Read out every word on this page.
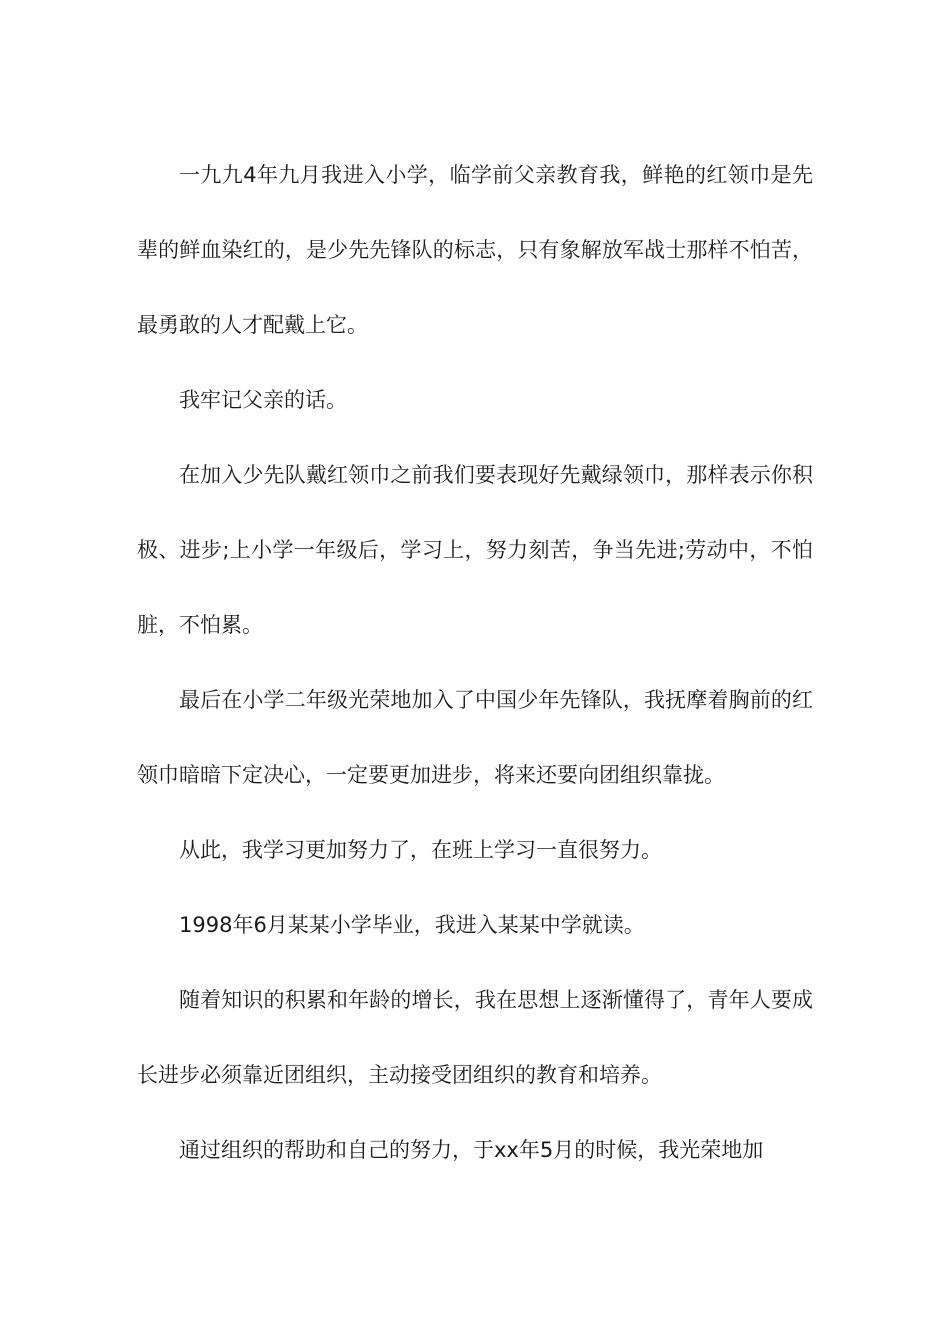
一九九4年九月我进入小学，临学前父亲教育我，鲜艳的红领巾是先辈的鲜血染红的，是少先先锋队的标志，只有象解放军战士那样不怕苦，最勇敢的人才配戴上它。

我牢记父亲的话。

在加入少先队戴红领巾之前我们要表现好先戴绿领巾，那样表示你积极、进步;上小学一年级后，学习上，努力刻苦，争当先进;劳动中，不怕脏，不怕累。

最后在小学二年级光荣地加入了中国少年先锋队，我抚摩着胸前的红领巾暗暗下定决心，一定要更加进步，将来还要向团组织靠拢。

从此，我学习更加努力了，在班上学习一直很努力。

1998年6月某某小学毕业，我进入某某中学就读。

随着知识的积累和年龄的增长，我在思想上逐渐懂得了，青年人要成长进步必须靠近团组织，主动接受团组织的教育和培养。

通过组织的帮助和自己的努力，于xx年5月的时候，我光荣地加
